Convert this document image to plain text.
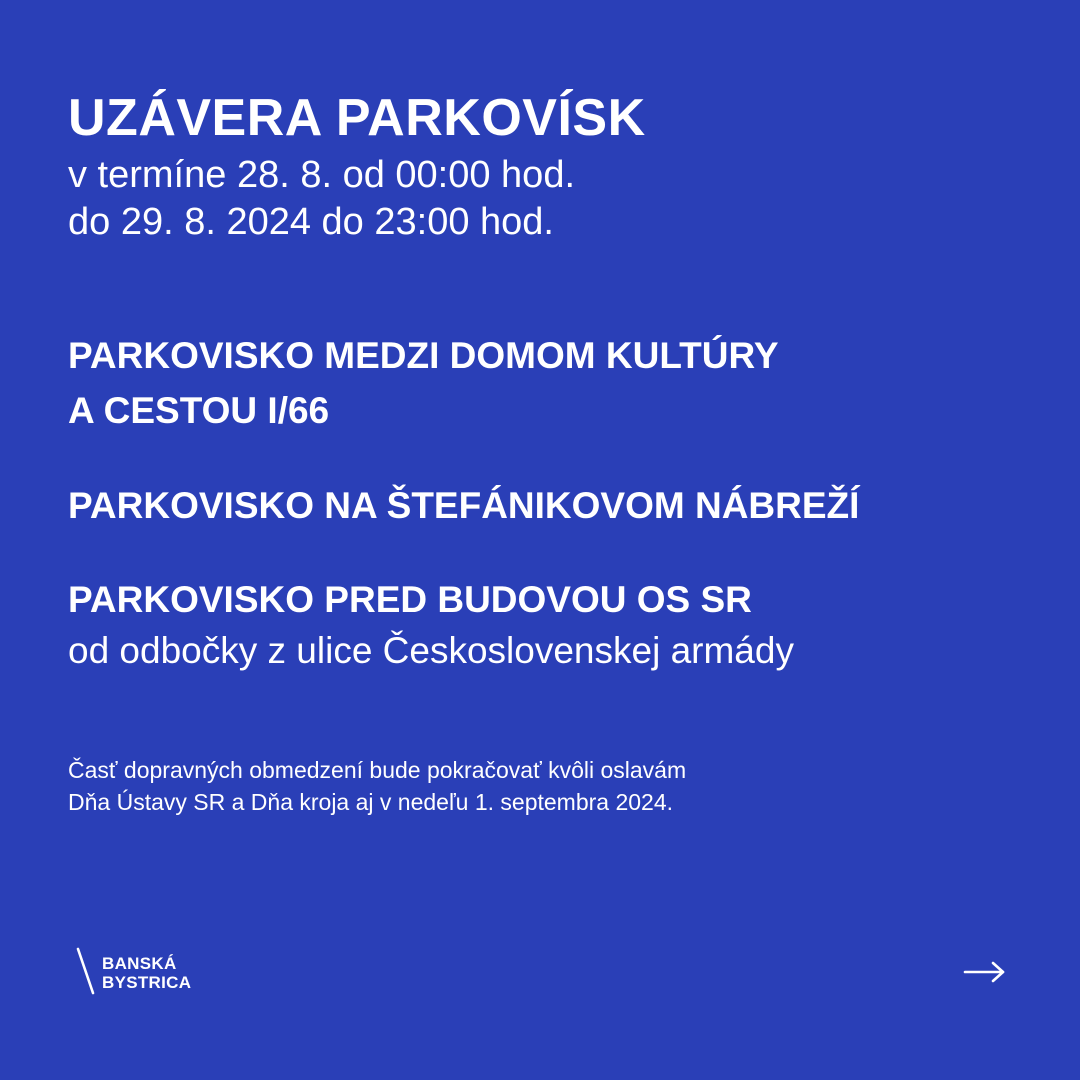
UZÁVERA PARKOVÍSK

v termíne 28. 8. od 00:00 hod.
do 29. 8. 2024 do 23:00 hod.

PARKOVISKO MEDZI DOMOM KULTÚRY
A CESTOU I/66
PARKOVISKO NA ŠTEFÁNIKOVOM NÁBREŽÍ
PARKOVISKO PRED BUDOVOU OS SR

od odbočky z ulice Československej armády

Časť dopravných obmedzení bude pokračovať kvôli oslavám
Dňa Ústavy SR a Dňa kroja aj v nedeľu 1. septembra 2024.

BANSKÁ
BYSTRICA
